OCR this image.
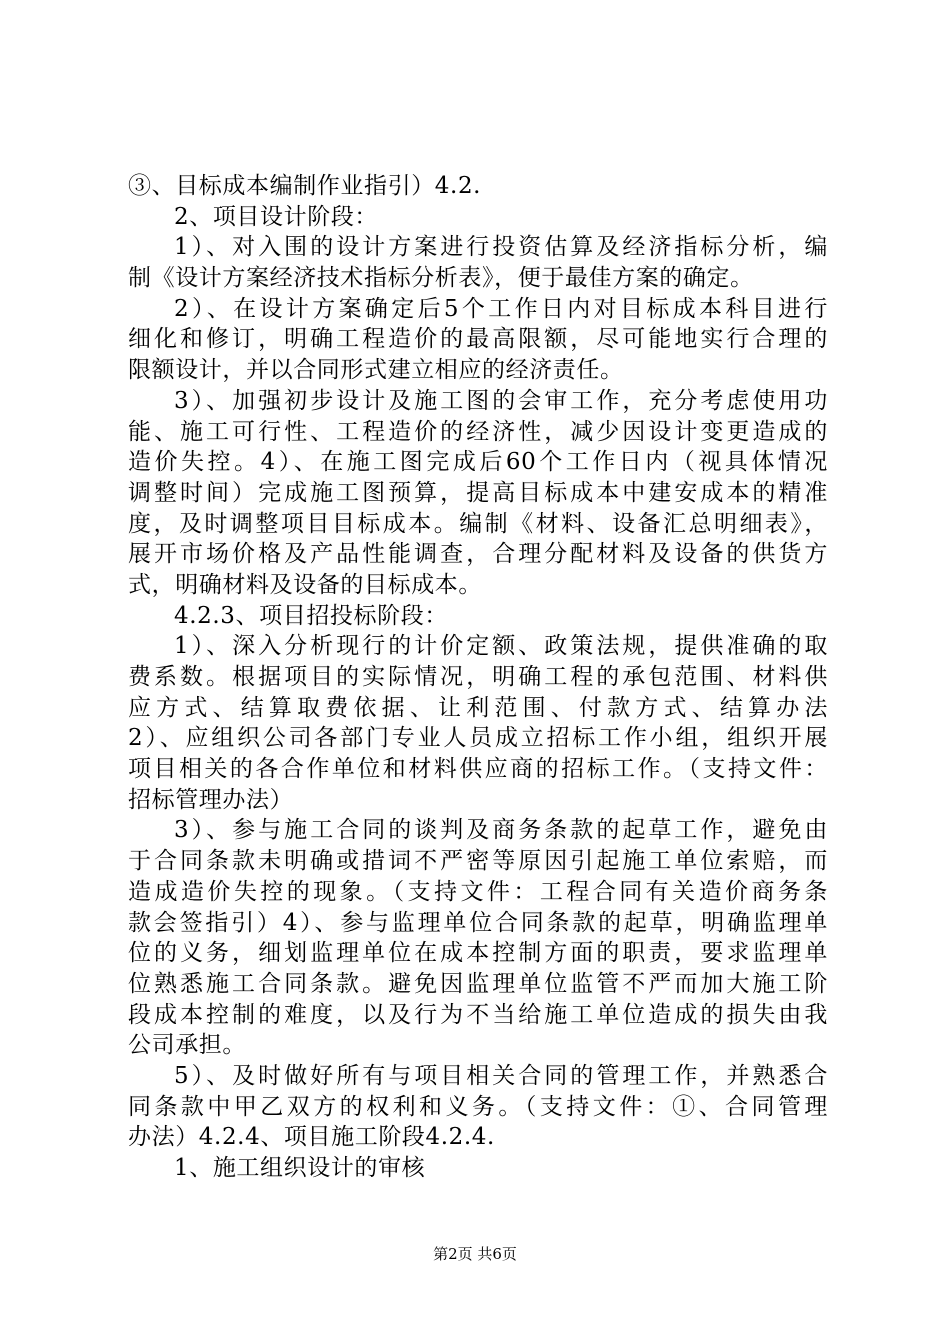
③、目标成本编制作业指引）4.2.
2、项目设计阶段：
1）、对入围的设计方案进行投资估算及经济指标分析，编
制《设计方案经济技术指标分析表》，便于最佳方案的确定。
2）、在设计方案确定后5个工作日内对目标成本科目进行
细化和修订，明确工程造价的最高限额，尽可能地实行合理的
限额设计，并以合同形式建立相应的经济责任。
3）、加强初步设计及施工图的会审工作，充分考虑使用功
能、施工可行性、工程造价的经济性，减少因设计变更造成的
造价失控。4）、在施工图完成后60个工作日内（视具体情况
调整时间）完成施工图预算，提高目标成本中建安成本的精准
度，及时调整项目目标成本。编制《材料、设备汇总明细表》，
展开市场价格及产品性能调查，合理分配材料及设备的供货方
式，明确材料及设备的目标成本。
4.2.3、项目招投标阶段：
1）、深入分析现行的计价定额、政策法规，提供准确的取
费系数。根据项目的实际情况，明确工程的承包范围、材料供
应方式、结算取费依据、让利范围、付款方式、结算办法
2）、应组织公司各部门专业人员成立招标工作小组，组织开展
项目相关的各合作单位和材料供应商的招标工作。（支持文件：
招标管理办法）
3）、参与施工合同的谈判及商务条款的起草工作，避免由
于合同条款未明确或措词不严密等原因引起施工单位索赔，而
造成造价失控的现象。（支持文件：工程合同有关造价商务条
款会签指引）4）、参与监理单位合同条款的起草，明确监理单
位的义务，细划监理单位在成本控制方面的职责，要求监理单
位熟悉施工合同条款。避免因监理单位监管不严而加大施工阶
段成本控制的难度，以及行为不当给施工单位造成的损失由我
公司承担。
5）、及时做好所有与项目相关合同的管理工作，并熟悉合
同条款中甲乙双方的权利和义务。（支持文件：①、合同管理
办法）4.2.4、项目施工阶段4.2.4.
1、施工组织设计的审核
第2页 共6页
